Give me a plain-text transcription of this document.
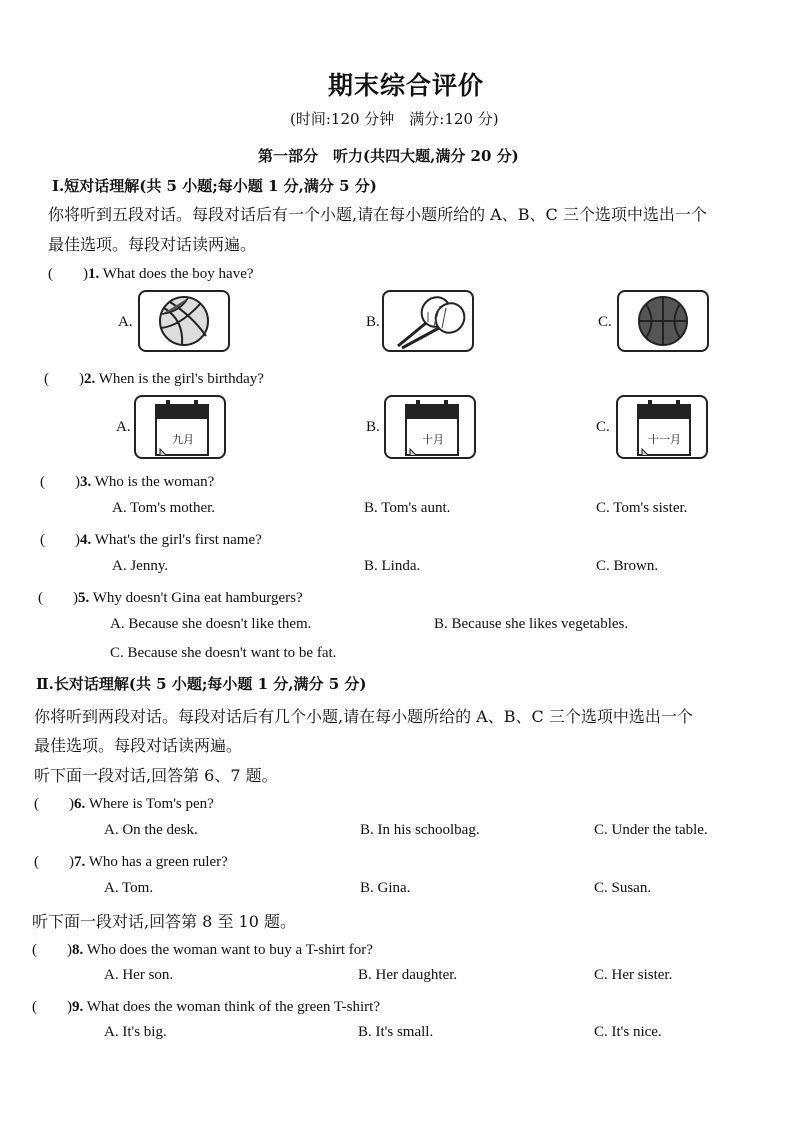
期末综合评价
(时间:120 分钟　满分:120 分)
第一部分　听力(共四大题,满分 20 分)
Ⅰ.短对话理解(共 5 小题;每小题 1 分,满分 5 分)
你将听到五段对话。每段对话后有一个小题,请在每小题所给的 A、B、C 三个选项中选出一个
最佳选项。每段对话读两遍。
(　　)1. What does the boy have?
A.	B.	C.
(　　)2. When is the girl's birthday?
A.
九月
B.
十月
C.
十一月
(　　)3. Who is the woman?
A. Tom's mother.	B. Tom's aunt.	C. Tom's sister.
(　　)4. What's the girl's first name?
A. Jenny.	B. Linda.	C. Brown.
(　　)5. Why doesn't Gina eat hamburgers?
A. Because she doesn't like them.	B. Because she likes vegetables.
C. Because she doesn't want to be fat.
Ⅱ.长对话理解(共 5 小题;每小题 1 分,满分 5 分)
你将听到两段对话。每段对话后有几个小题,请在每小题所给的 A、B、C 三个选项中选出一个
最佳选项。每段对话读两遍。
听下面一段对话,回答第 6、7 题。
(　　)6. Where is Tom's pen?
A. On the desk.	B. In his schoolbag.	C. Under the table.
(　　)7. Who has a green ruler?
A. Tom.	B. Gina.	C. Susan.
听下面一段对话,回答第 8 至 10 题。
(　　)8. Who does the woman want to buy a T-shirt for?
A. Her son.	B. Her daughter.	C. Her sister.
(　　)9. What does the woman think of the green T-shirt?
A. It's big.	B. It's small.	C. It's nice.
